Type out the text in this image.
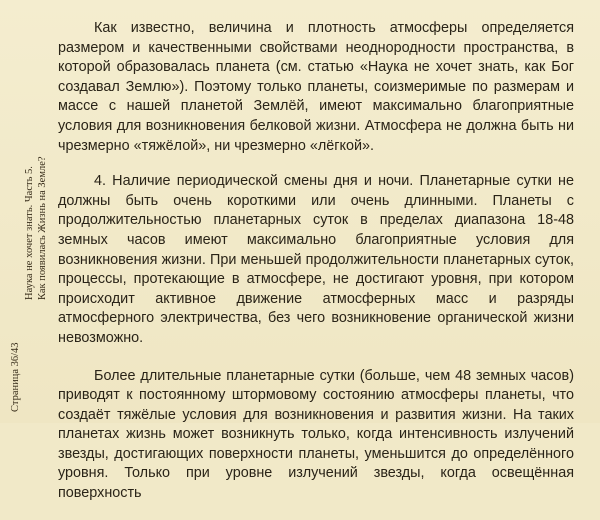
Наука не хочет знать. Часть 5. Как появилась Жизнь на Земле?
Страница 36/43

Как известно, величина и плотность атмосферы определяется размером и качественными свойствами неоднородности пространства, в которой образовалась планета (см. статью «Наука не хочет знать, как Бог создавал Землю»). Поэтому только планеты, соизмеримые по размерам и массе с нашей планетой Землёй, имеют максимально благоприятные условия для возникновения белковой жизни. Атмосфера не должна быть ни чрезмерно «тяжёлой», ни чрезмерно «лёгкой».

4. Наличие периодической смены дня и ночи. Планетарные сутки не должны быть очень короткими или очень длинными. Планеты с продолжительностью планетарных суток в пределах диапазона 18-48 земных часов имеют максимально благоприятные условия для возникновения жизни. При меньшей продолжительности планетарных суток, процессы, протекающие в атмосфере, не достигают уровня, при котором происходит активное движение атмосферных масс и разряды атмосферного электричества, без чего возникновение органической жизни невозможно.

Более длительные планетарные сутки (больше, чем 48 земных часов) приводят к постоянному штормовому состоянию атмосферы планеты, что создаёт тяжёлые условия для возникновения и развития жизни. На таких планетах жизнь может возникнуть только, когда интенсивность излучений звезды, достигающих поверхности планеты, уменьшится до определённого уровня. Только при уровне излучений звезды, когда освещённая поверхность
